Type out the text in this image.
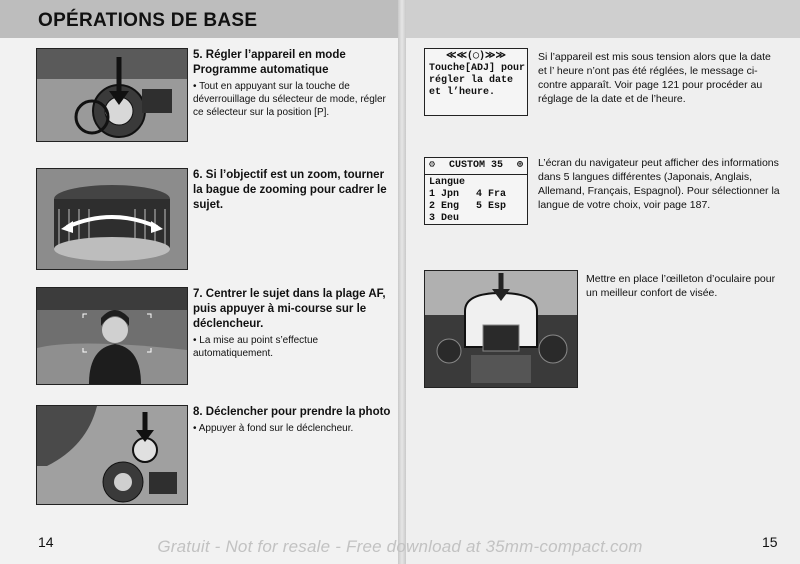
OPÉRATIONS DE BASE
5. Régler l’appareil en mode Programme automatique
• Tout en appuyant sur la touche de déverrouillage du sélecteur de mode, régler ce sélecteur sur la position [P].
6. Si l’objectif est un zoom, tourner la bague de zooming pour cadrer le sujet.
7. Centrer le sujet dans la plage AF, puis appuyer à mi-course sur le déclencheur.
• La mise au point s’effectue automatiquement.
8. Déclencher pour prendre la photo
• Appuyer à fond sur le déclencheur.
≪≪(◯)≫≫
Touche[ADJ] pour
régler la date
et l’heure.
Si l’appareil est mis sous tension alors que la date et l’ heure n’ont pas été réglées, le message ci-contre apparaît. Voir page 121 pour procéder au réglage de la date et de l’heure.
⚙ CUSTOM 35 ⊕
Langue
1 Jpn	4 Fra
2 Eng	5 Esp
3 Deu
L’écran du navigateur peut afficher des informations dans 5 langues différentes (Japonais, Anglais, Allemand, Français, Espagnol). Pour sélectionner la langue de votre choix, voir page 187.
Mettre en place l’œilleton d’oculaire pour un meilleur confort de visée.
14	15
Gratuit - Not for resale - Free download at 35mm-compact.com
